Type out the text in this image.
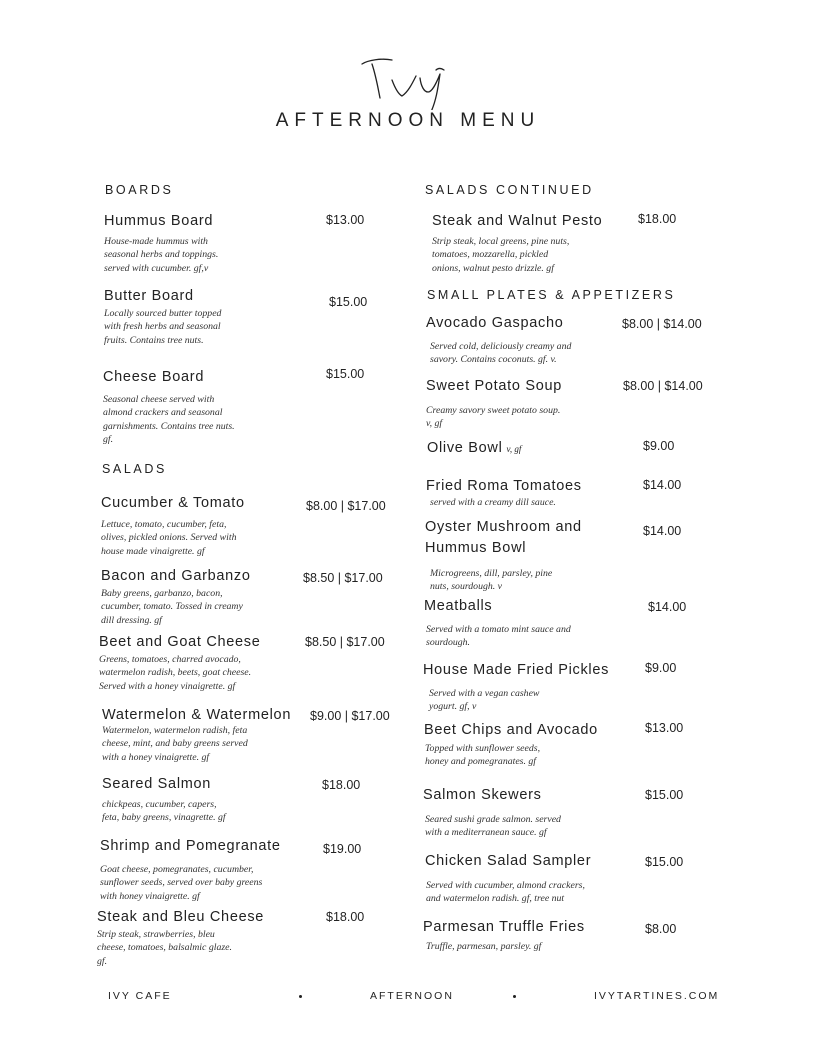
AFTERNOON MENU
BOARDS
SALADS
SALADS CONTINUED
SMALL PLATES & APPETIZERS
Hummus Board
House-made hummus with
seasonal herbs and toppings.
served with cucumber. gf,v
$13.00
Butter Board
Locally sourced butter topped
with fresh herbs and seasonal
fruits. Contains tree nuts.
$15.00
Cheese Board
Seasonal cheese served with
almond crackers and seasonal
garnishments. Contains tree nuts.
gf.
$15.00
Cucumber & Tomato
Lettuce, tomato, cucumber, feta,
olives, pickled onions. Served with
house made vinaigrette. gf
$8.00 | $17.00
Bacon and Garbanzo
Baby greens, garbanzo, bacon,
cucumber, tomato. Tossed in creamy
dill dressing. gf
$8.50 | $17.00
Beet and Goat Cheese
Greens, tomatoes, charred avocado,
watermelon radish, beets, goat cheese.
Served with a honey vinaigrette. gf
$8.50 | $17.00
Watermelon & Watermelon
Watermelon, watermelon radish, feta
cheese, mint, and baby greens served
with a honey vinaigrette. gf
$9.00 | $17.00
Seared Salmon
chickpeas, cucumber, capers,
feta, baby greens, vinagrette. gf
$18.00
Shrimp and Pomegranate
Goat cheese, pomegranates, cucumber,
sunflower seeds, served over baby greens
with honey vinaigrette. gf
$19.00
Steak and Bleu Cheese
Strip steak, strawberries, bleu
cheese, tomatoes, balsalmic glaze.
gf.
$18.00
Steak and Walnut Pesto
Strip steak, local greens, pine nuts,
tomatoes, mozzarella, pickled
onions, walnut pesto drizzle. gf
$18.00
Avocado Gaspacho
Served cold, deliciously creamy and
savory. Contains coconuts. gf. v.
$8.00 | $14.00
Sweet Potato Soup
Creamy savory sweet potato soup.
v, gf
$8.00 | $14.00
Olive Bowl v, gf	$9.00
Fried Roma Tomatoes
served with a creamy dill sauce.
$14.00
Oyster Mushroom and
Hummus Bowl
Microgreens, dill, parsley, pine
nuts, sourdough. v
$14.00
Meatballs
Served with a tomato mint sauce and
sourdough.
$14.00
House Made Fried Pickles
Served with a vegan cashew
yogurt. gf, v
$9.00
Beet Chips and Avocado
Topped with sunflower seeds,
honey and pomegranates. gf
$13.00
Salmon Skewers
Seared sushi grade salmon. served
with a mediterranean sauce. gf
$15.00
Chicken Salad Sampler
Served with cucumber, almond crackers,
and watermelon radish. gf, tree nut
$15.00
Parmesan Truffle Fries
Truffle, parmesan, parsley. gf
$8.00
IVY CAFE	AFTERNOON	IVYTARTINES.COM
